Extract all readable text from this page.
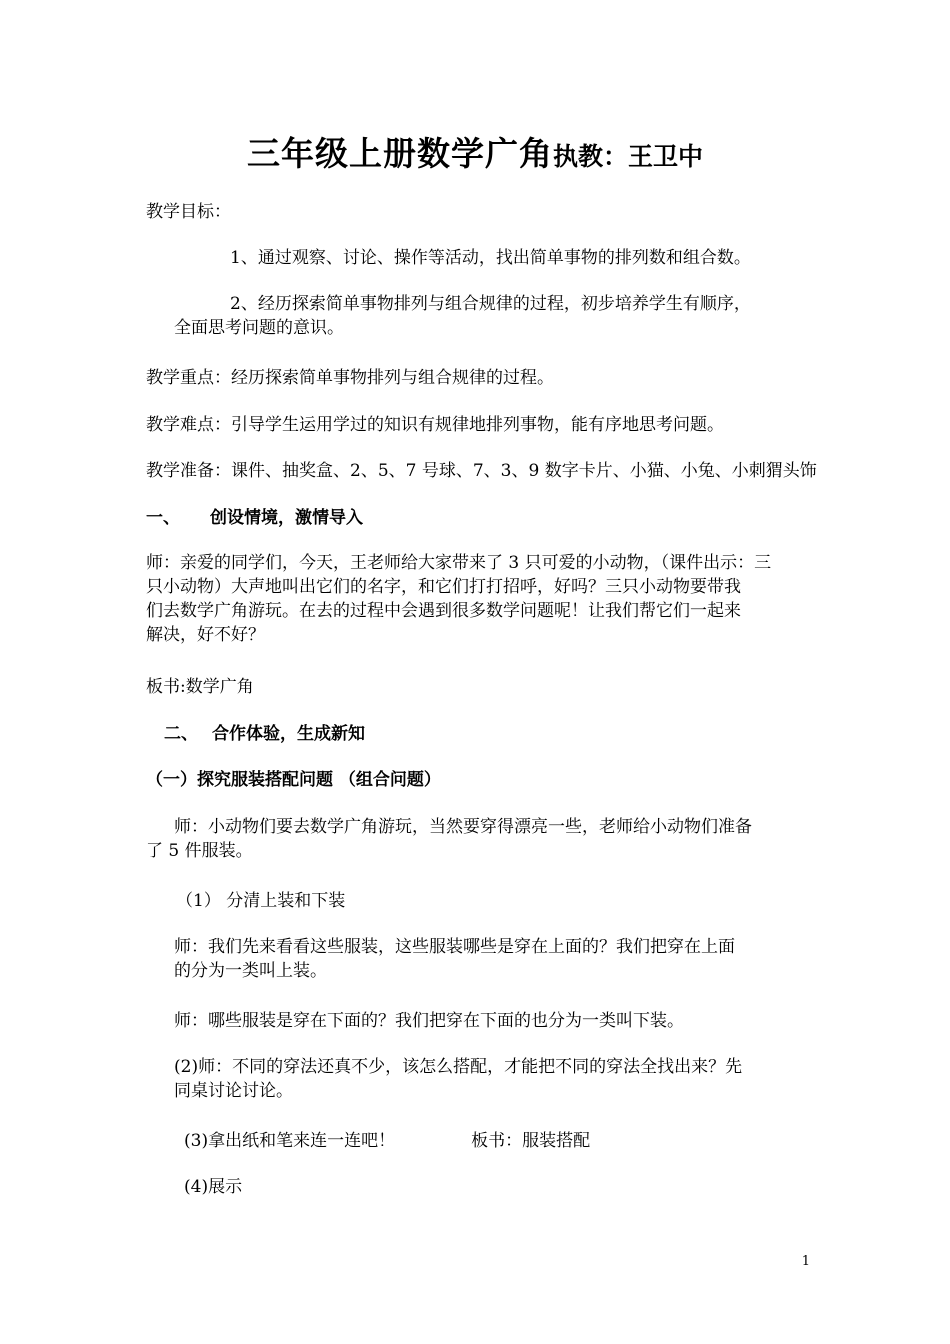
三年级上册数学广角执教：王卫中
教学目标：
1、通过观察、讨论、操作等活动，找出简单事物的排列数和组合数。
2、经历探索简单事物排列与组合规律的过程，初步培养学生有顺序，
全面思考问题的意识。
教学重点：经历探索简单事物排列与组合规律的过程。
教学难点：引导学生运用学过的知识有规律地排列事物，能有序地思考问题。
教学准备：课件、抽奖盒、2、5、7 号球、7、3、9 数字卡片、小猫、小兔、小刺猬头饰
一、 创设情境，激情导入
师：亲爱的同学们，今天，王老师给大家带来了 3 只可爱的小动物，（课件出示：三
只小动物）大声地叫出它们的名字，和它们打打招呼，好吗？三只小动物要带我
们去数学广角游玩。在去的过程中会遇到很多数学问题呢！让我们帮它们一起来
解决，好不好？
板书:数学广角
二、 合作体验，生成新知
（一）探究服装搭配问题 （组合问题）
师：小动物们要去数学广角游玩，当然要穿得漂亮一些，老师给小动物们准备
了 5 件服装。
（1） 分清上装和下装
师：我们先来看看这些服装，这些服装哪些是穿在上面的？我们把穿在上面
的分为一类叫上装。
师：哪些服装是穿在下面的？我们把穿在下面的也分为一类叫下装。
(2)师：不同的穿法还真不少，该怎么搭配，才能把不同的穿法全找出来？先
同桌讨论讨论。
(3)拿出纸和笔来连一连吧！	板书：服装搭配
(4)展示
1
